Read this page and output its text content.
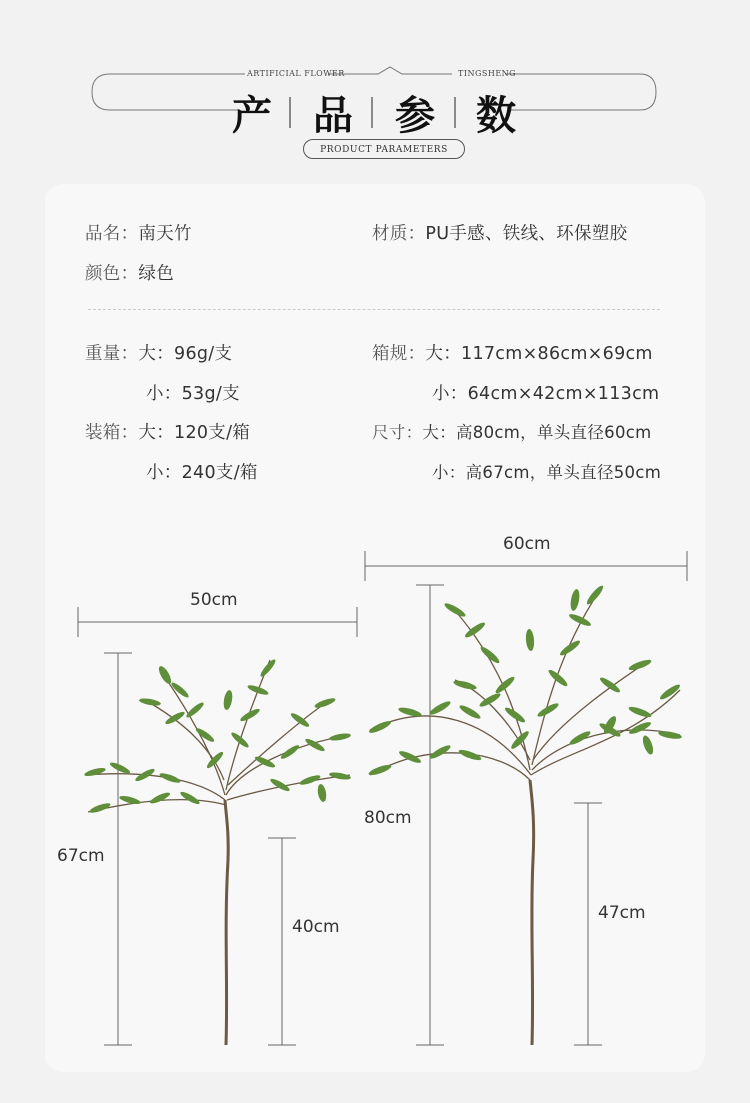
ARTIFICIAL FLOWER	TINGSHENG
产 品 参 数
PRODUCT PARAMETERS
品名：南天竹	材质：PU手感、铁线、环保塑胶
颜色：绿色
重量：大：96g/支
小：53g/支
装箱：大：120支/箱
小：240支/箱
箱规：大：117cm×86cm×69cm
小：64cm×42cm×113cm
尺寸：大：高80cm，单头直径60cm
小：高67cm，单头直径50cm
50cm
67cm
40cm
60cm
80cm
47cm
